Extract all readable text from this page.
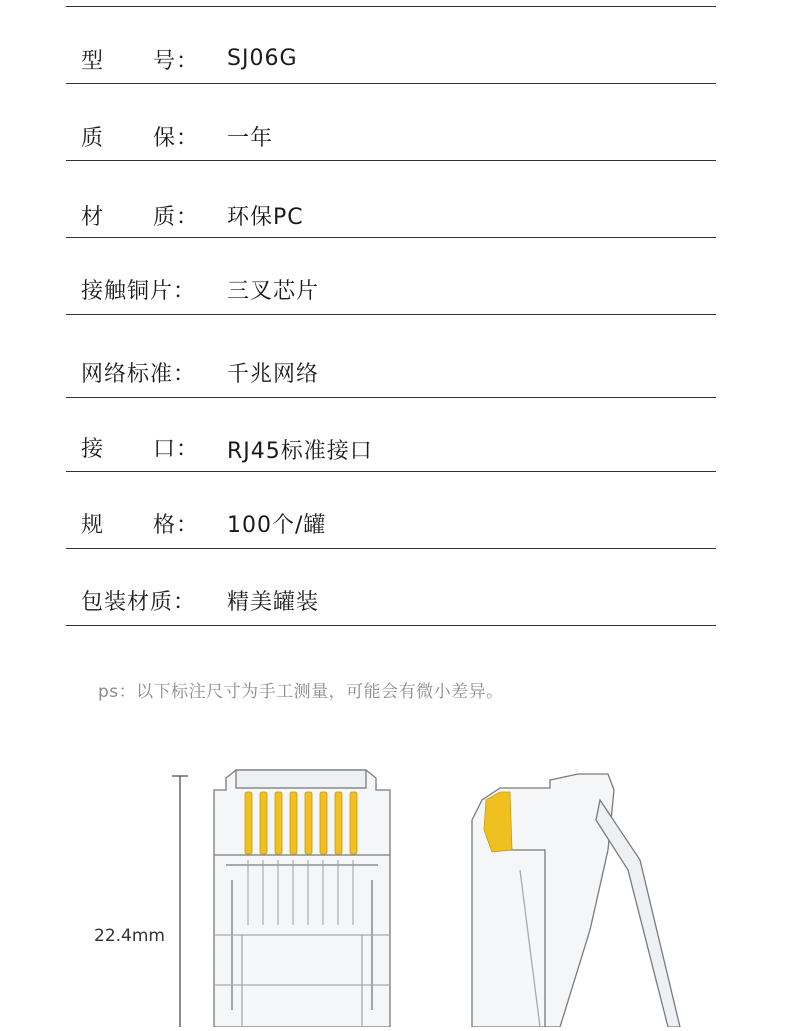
型 号： SJ06G
质 保： 一年
材 质： 环保PC
接触铜片： 三叉芯片
网络标准： 千兆网络
接 口： RJ45标准接口
规 格： 100个/罐
包装材质： 精美罐装
ps：以下标注尺寸为手工测量，可能会有微小差异。
22.4mm
